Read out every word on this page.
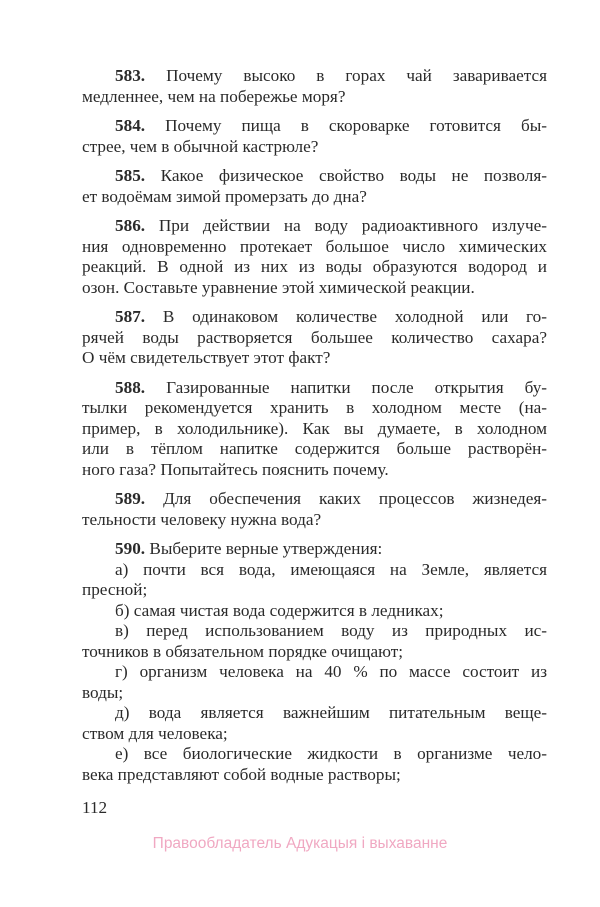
583. Почему высоко в горах чай заваривается
медленнее, чем на побережье моря?
584. Почему пища в скороварке готовится бы-
стрее, чем в обычной кастрюле?
585. Какое физическое свойство воды не позволя-
ет водоёмам зимой промерзать до дна?
586. При действии на воду радиоактивного излуче-
ния одновременно протекает большое число химических
реакций. В одной из них из воды образуются водород и
озон. Составьте уравнение этой химической реакции.
587. В одинаковом количестве холодной или го-
рячей воды растворяется большее количество сахара?
О чём свидетельствует этот факт?
588. Газированные напитки после открытия бу-
тылки рекомендуется хранить в холодном месте (на-
пример, в холодильнике). Как вы думаете, в холодном
или в тёплом напитке содержится больше растворён-
ного газа? Попытайтесь пояснить почему.
589. Для обеспечения каких процессов жизнедея-
тельности человеку нужна вода?
590. Выберите верные утверждения:
а) почти вся вода, имеющаяся на Земле, является
пресной;
б) самая чистая вода содержится в ледниках;
в) перед использованием воду из природных ис-
точников в обязательном порядке очищают;
г) организм человека на 40 % по массе состоит из
воды;
д) вода является важнейшим питательным веще-
ством для человека;
е) все биологические жидкости в организме чело-
века представляют собой водные растворы;
112
Правообладатель Адукацыя і выхаванне
